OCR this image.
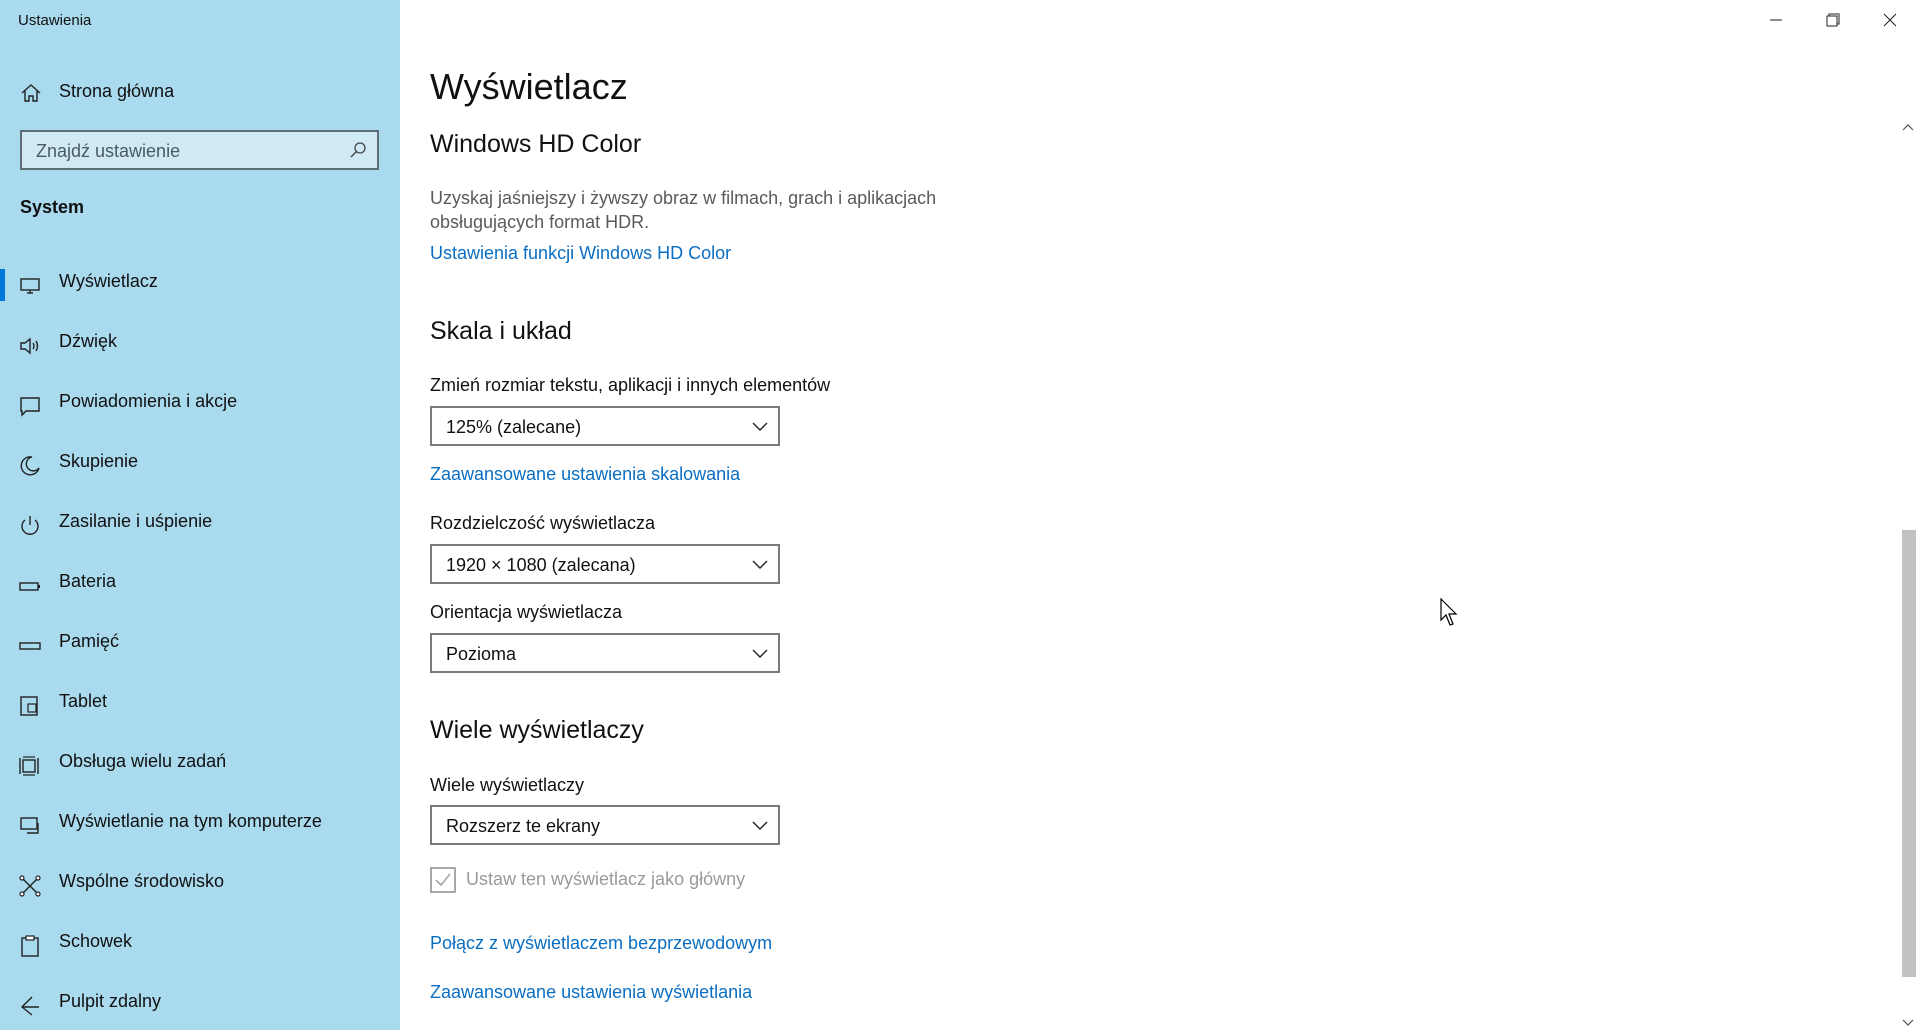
Ustawienia
Strona główna
Znajdź ustawienie
System
Wyświetlacz
Dźwięk
Powiadomienia i akcje
Skupienie
Zasilanie i uśpienie
Bateria
Pamięć
Tablet
Obsługa wielu zadań
Wyświetlanie na tym komputerze
Wspólne środowisko
Schowek
Pulpit zdalny
Wyświetlacz
Windows HD Color
Uzyskaj jaśniejszy i żywszy obraz w filmach, grach i aplikacjach obsługujących format HDR.
Ustawienia funkcji Windows HD Color
Skala i układ
Zmień rozmiar tekstu, aplikacji i innych elementów
125% (zalecane)
Zaawansowane ustawienia skalowania
Rozdzielczość wyświetlacza
1920 × 1080 (zalecana)
Orientacja wyświetlacza
Pozioma
Wiele wyświetlaczy
Wiele wyświetlaczy
Rozszerz te ekrany
Ustaw ten wyświetlacz jako główny
Połącz z wyświetlaczem bezprzewodowym
Zaawansowane ustawienia wyświetlania
